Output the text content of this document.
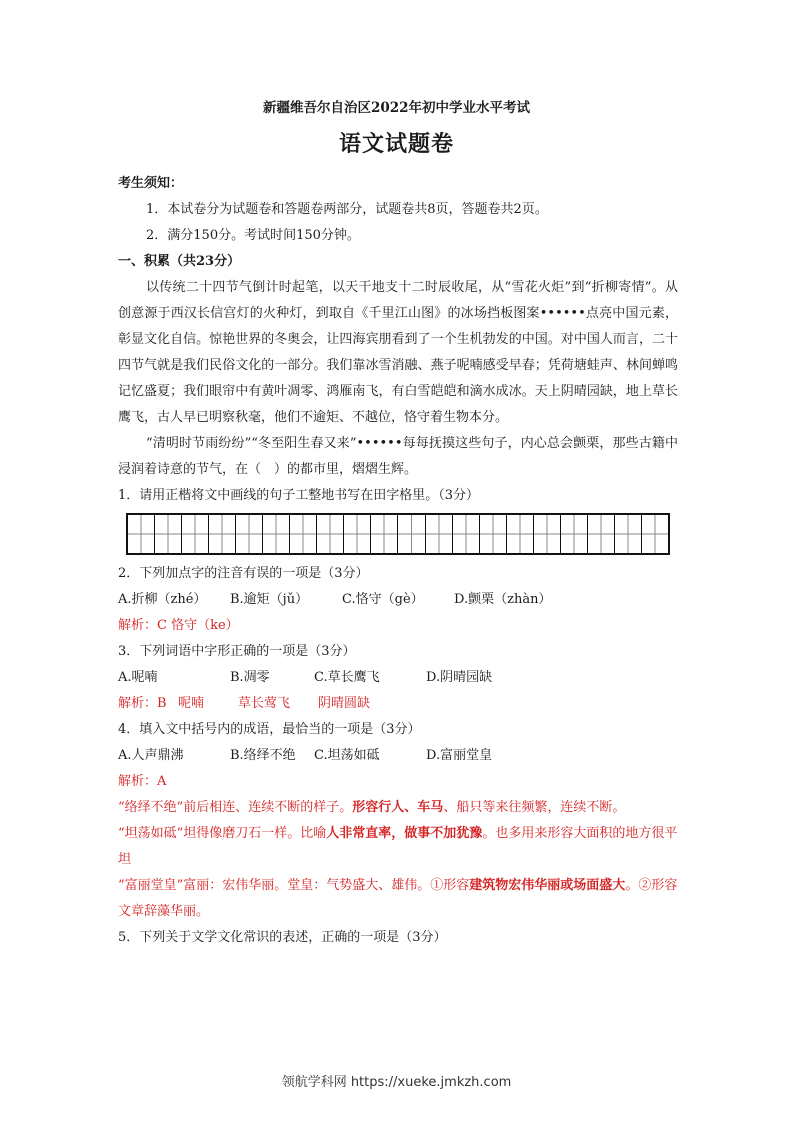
新疆维吾尔自治区2022年初中学业水平考试
语文试题卷

考生须知：

1．本试卷分为试题卷和答题卷两部分，试题卷共8页，答题卷共2页。

2．满分150分。考试时间150分钟。

一、积累（共23分）

以传统二十四节气倒计时起笔，以天干地支十二时辰收尾，从“雪花火炬”到“折柳寄情”。从创意源于西汉长信宫灯的火种灯，到取自《千里江山图》的冰场挡板图案••••••点亮中国元素，彰显文化自信。惊艳世界的冬奥会，让四海宾朋看到了一个生机勃发的中国。对中国人而言，二十四节气就是我们民俗文化的一部分。我们靠冰雪消融、燕子呢喃感受早春；凭荷塘蛙声、林间蝉鸣记忆盛夏；我们眼帘中有黄叶凋零、鸿雁南飞，有白雪皑皑和滴水成冰。天上阴晴园缺，地上草长鹰飞，古人早已明察秋毫，他们不逾矩、不越位，恪守着生物本分。

“清明时节雨纷纷”“冬至阳生春又来”••••••每每抚摸这些句子，内心总会颤栗，那些古籍中浸润着诗意的节气，在（　）的都市里，熠熠生辉。

1．请用正楷将文中画线的句子工整地书写在田字格里。（3分）

2．下列加点字的注音有误的一项是（3分）

A.折柳（zhé）	B.逾矩（jǔ）	C.恪守（gè）	D.颤栗（zhàn）

解析：C 恪守（ke）

3．下列词语中字形正确的一项是（3分）

A.呢喃	B.凋零	C.草长鹰飞	D.阴晴园缺
解析：B 呢喃	草长莺飞	阴晴圆缺

4．填入文中括号内的成语，最恰当的一项是（3分）

A.人声鼎沸	B.络绎不绝	C.坦荡如砥	D.富丽堂皇

解析：A

“络绎不绝”前后相连、连续不断的样子。形容行人、车马、船只等来往频繁，连续不断。

“坦荡如砥”坦得像磨刀石一样。比喻人非常直率，做事不加犹豫。也多用来形容大面积的地方很平坦

“富丽堂皇”富丽：宏伟华丽。堂皇：气势盛大、雄伟。①形容建筑物宏伟华丽或场面盛大。②形容文章辞藻华丽。

5．下列关于文学文化常识的表述，正确的一项是（3分）

领航学科网 https://xueke.jmkzh.com
